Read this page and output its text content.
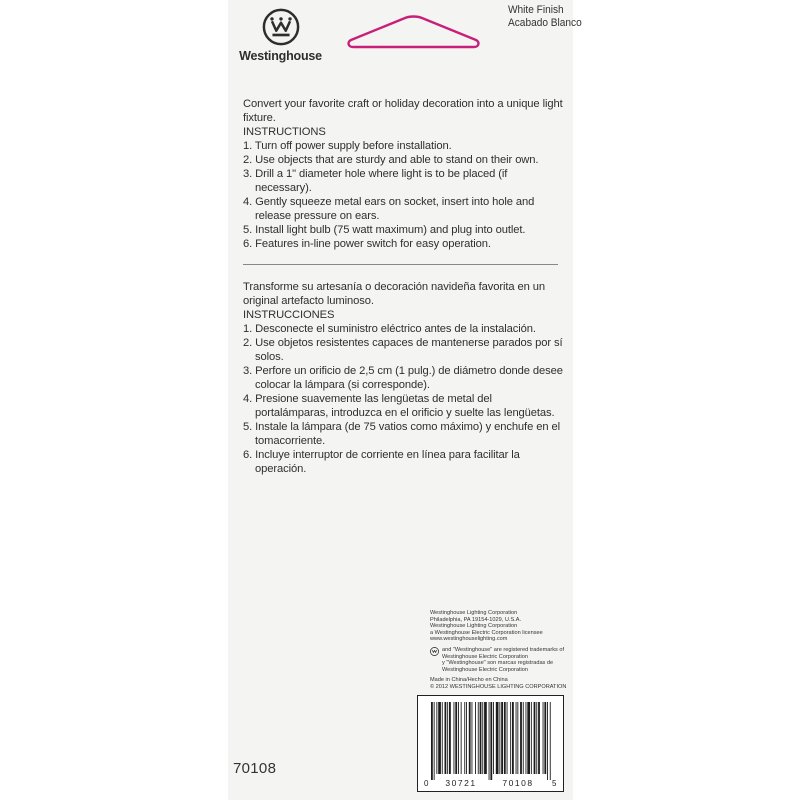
Westinghouse
White Finish
Acabado Blanco

Convert your favorite craft or holiday decoration into a unique light fixture.

INSTRUCTIONS

1. Turn off power supply before installation.
2. Use objects that are sturdy and able to stand on their own.
3. Drill a 1" diameter hole where light is to be placed (if necessary).
4. Gently squeeze metal ears on socket, insert into hole and release pressure on ears.
5. Install light bulb (75 watt maximum) and plug into outlet.
6. Features in-line power switch for easy operation.

Transforme su artesanía o decoración navideña favorita en un original artefacto luminoso.

INSTRUCCIONES

1. Desconecte el suministro eléctrico antes de la instalación.
2. Use objetos resistentes capaces de mantenerse parados por sí solos.
3. Perfore un orificio de 2,5 cm (1 pulg.) de diámetro donde desee colocar la lámpara (si corresponde).
4. Presione suavemente las lengüetas de metal del portalámparas, introduzca en el orificio y suelte las lengüetas.
5. Instale la lámpara (de 75 vatios como máximo) y enchufe en el tomacorriente.
6. Incluye interruptor de corriente en línea para facilitar la operación.
Westinghouse Lighting Corporation
Philadelphia, PA 19154-1029, U.S.A.
Westinghouse Lighting Corporation
a Westinghouse Electric Corporation licensee
www.westinghouselighting.com
and "Westinghouse" are registered trademarks of Westinghouse Electric Corporation
y "Westinghouse" son marcas registradas de Westinghouse Electric Corporation
Made in China/Hecho en China
© 2012 WESTINGHOUSE LIGHTING CORPORATION
0 30721	70108 5
70108
